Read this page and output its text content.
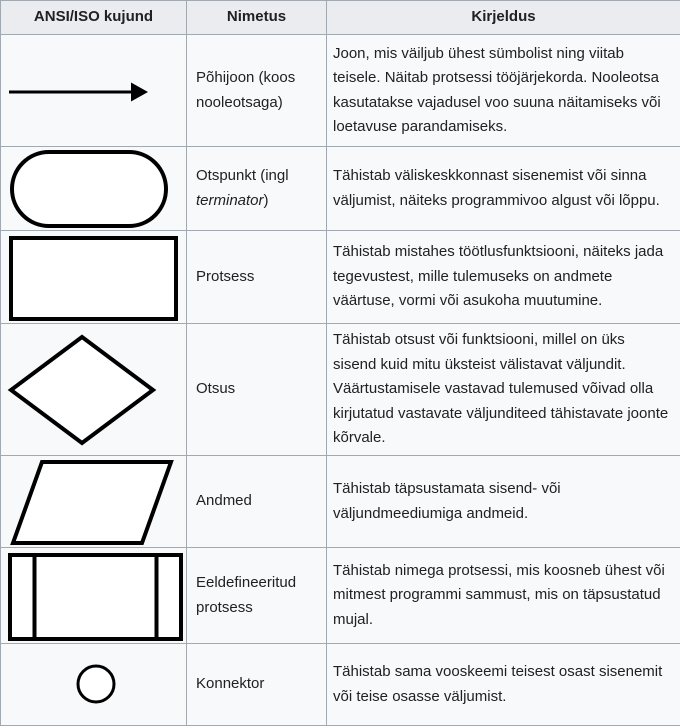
ANSI/ISO kujund	Nimetus	Kirjeldus

	Põhijoon (koos nooleotsaga)	Joon, mis väiljub ühest sümbolist ning viitab teisele. Näitab protsessi tööjärjekorda. Nooleotsa kasutatakse vajadusel voo suuna näitamiseks või loetavuse parandamiseks.

	Otspunkt (ingl terminator)	Tähistab väliskeskkonnast sisenemist või sinna väljumist, näiteks programmivoo algust või lõppu.

	Protsess	Tähistab mistahes töötlusfunktsiooni, näiteks jada tegevustest, mille tulemuseks on andmete väärtuse, vormi või asukoha muutumine.

	Otsus	Tähistab otsust või funktsiooni, millel on üks sisend kuid mitu üksteist välistavat väljundit. Väärtustamisele vastavad tulemused võivad olla kirjutatud vastavate väljunditeed tähistavate joonte kõrvale.

	Andmed	Tähistab täpsustamata sisend- või väljundmeediumiga andmeid.

	Eeldefineeritud protsess	Tähistab nimega protsessi, mis koosneb ühest või mitmest programmi sammust, mis on täpsustatud mujal.

	Konnektor	Tähistab sama vooskeemi teisest osast sisenemit või teise osasse väljumist.
